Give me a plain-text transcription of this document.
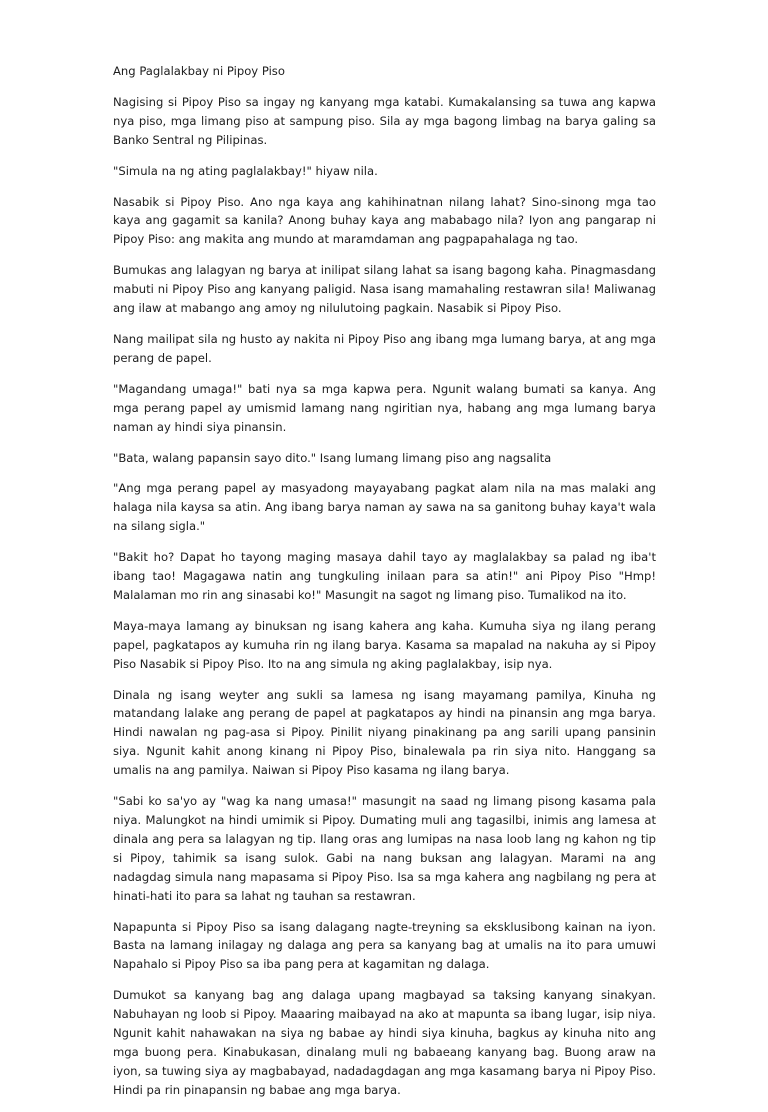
Ang Paglalakbay ni Pipoy Piso

Nagising si Pipoy Piso sa ingay ng kanyang mga katabi. Kumakalansing sa tuwa ang kapwa nya piso, mga limang piso at sampung piso. Sila ay mga bagong limbag na barya galing sa Banko Sentral ng Pilipinas.

"Simula na ng ating paglalakbay!" hiyaw nila.

Nasabik si Pipoy Piso. Ano nga kaya ang kahihinatnan nilang lahat? Sino-sinong mga tao kaya ang gagamit sa kanila? Anong buhay kaya ang mababago nila? Iyon ang pangarap ni Pipoy Piso: ang makita ang mundo at maramdaman ang pagpapahalaga ng tao.

Bumukas ang lalagyan ng barya at inilipat silang lahat sa isang bagong kaha. Pinagmasdang mabuti ni Pipoy Piso ang kanyang paligid. Nasa isang mamahaling restawran sila! Maliwanag ang ilaw at mabango ang amoy ng nilulutoing pagkain. Nasabik si Pipoy Piso.

Nang mailipat sila ng husto ay nakita ni Pipoy Piso ang ibang mga lumang barya, at ang mga perang de papel.

"Magandang umaga!" bati nya sa mga kapwa pera. Ngunit walang bumati sa kanya. Ang mga perang papel ay umismid lamang nang ngiritian nya, habang ang mga lumang barya naman ay hindi siya pinansin.

"Bata, walang papansin sayo dito." Isang lumang limang piso ang nagsalita

"Ang mga perang papel ay masyadong mayayabang pagkat alam nila na mas malaki ang halaga nila kaysa sa atin. Ang ibang barya naman ay sawa na sa ganitong buhay kaya't wala na silang sigla."

"Bakit ho? Dapat ho tayong maging masaya dahil tayo ay maglalakbay sa palad ng iba't ibang tao! Magagawa natin ang tungkuling inilaan para sa atin!" ani Pipoy Piso "Hmp! Malalaman mo rin ang sinasabi ko!" Masungit na sagot ng limang piso. Tumalikod na ito.

Maya-maya lamang ay binuksan ng isang kahera ang kaha. Kumuha siya ng ilang perang papel, pagkatapos ay kumuha rin ng ilang barya. Kasama sa mapalad na nakuha ay si Pipoy Piso Nasabik si Pipoy Piso. Ito na ang simula ng aking paglalakbay, isip nya.

Dinala ng isang weyter ang sukli sa lamesa ng isang mayamang pamilya, Kinuha ng matandang lalake ang perang de papel at pagkatapos ay hindi na pinansin ang mga barya. Hindi nawalan ng pag-asa si Pipoy. Pinilit niyang pinakinang pa ang sarili upang pansinin siya. Ngunit kahit anong kinang ni Pipoy Piso, binalewala pa rin siya nito. Hanggang sa umalis na ang pamilya. Naiwan si Pipoy Piso kasama ng ilang barya.

"Sabi ko sa'yo ay "wag ka nang umasa!" masungit na saad ng limang pisong kasama pala niya. Malungkot na hindi umimik si Pipoy. Dumating muli ang tagasilbi, inimis ang lamesa at dinala ang pera sa lalagyan ng tip. Ilang oras ang lumipas na nasa loob lang ng kahon ng tip si Pipoy, tahimik sa isang sulok. Gabi na nang buksan ang lalagyan. Marami na ang nadagdag simula nang mapasama si Pipoy Piso. Isa sa mga kahera ang nagbilang ng pera at hinati-hati ito para sa lahat ng tauhan sa restawran.

Napapunta si Pipoy Piso sa isang dalagang nagte-treyning sa eksklusibong kainan na iyon. Basta na lamang inilagay ng dalaga ang pera sa kanyang bag at umalis na ito para umuwi Napahalo si Pipoy Piso sa iba pang pera at kagamitan ng dalaga.

Dumukot sa kanyang bag ang dalaga upang magbayad sa taksing kanyang sinakyan. Nabuhayan ng loob si Pipoy. Maaaring maibayad na ako at mapunta sa ibang lugar, isip niya. Ngunit kahit nahawakan na siya ng babae ay hindi siya kinuha, bagkus ay kinuha nito ang mga buong pera. Kinabukasan, dinalang muli ng babaeang kanyang bag. Buong araw na iyon, sa tuwing siya ay magbabayad, nadadagdagan ang mga kasamang barya ni Pipoy Piso. Hindi pa rin pinapansin ng babae ang mga barya.
